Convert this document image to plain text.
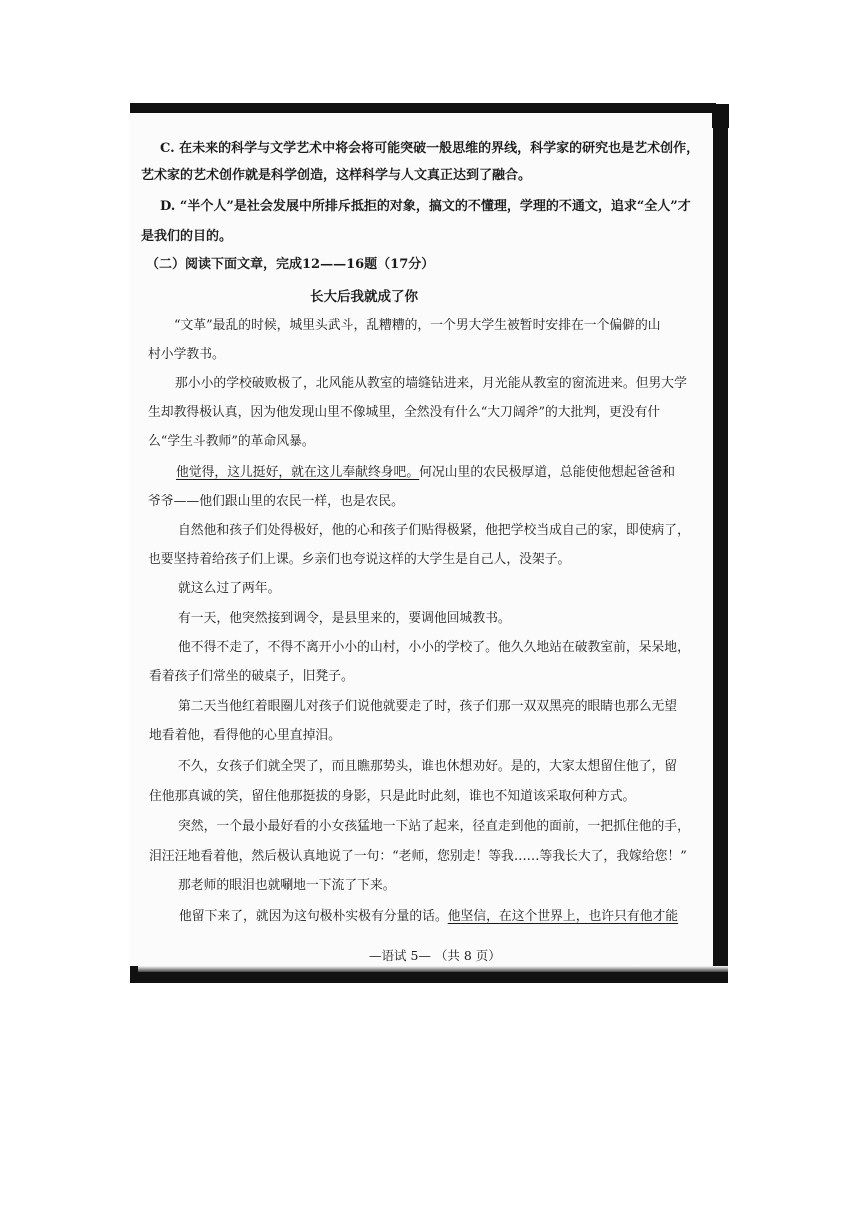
C. 在未来的科学与文学艺术中将会将可能突破一般思维的界线，科学家的研究也是艺术创作，
艺术家的艺术创作就是科学创造，这样科学与人文真正达到了融合。
D. “半个人”是社会发展中所排斥抵拒的对象，搞文的不懂理，学理的不通文，追求“全人”才
是我们的目的。
（二）阅读下面文章，完成12——16题（17分）
长大后我就成了你
“文革”最乱的时候，城里头武斗，乱糟糟的，一个男大学生被暂时安排在一个偏僻的山
村小学教书。
那小小的学校破败极了，北风能从教室的墙缝钻进来，月光能从教室的窗流进来。但男大学
生却教得极认真，因为他发现山里不像城里，全然没有什么“大刀阔斧”的大批判，更没有什
么“学生斗教师”的革命风暴。
他觉得，这儿挺好，就在这儿奉献终身吧。何况山里的农民极厚道，总能使他想起爸爸和
爷爷——他们跟山里的农民一样，也是农民。
自然他和孩子们处得极好，他的心和孩子们贴得极紧，他把学校当成自己的家，即使病了，
也要坚持着给孩子们上课。乡亲们也夸说这样的大学生是自己人，没架子。
就这么过了两年。
有一天，他突然接到调令，是县里来的，要调他回城教书。
他不得不走了，不得不离开小小的山村，小小的学校了。他久久地站在破教室前，呆呆地，
看着孩子们常坐的破桌子，旧凳子。
第二天当他红着眼圈儿对孩子们说他就要走了时，孩子们那一双双黑亮的眼睛也那么无望
地看着他，看得他的心里直掉泪。
不久，女孩子们就全哭了，而且瞧那势头，谁也休想劝好。是的，大家太想留住他了，留
住他那真诚的笑，留住他那挺拔的身影，只是此时此刻，谁也不知道该采取何种方式。
突然，一个最小最好看的小女孩猛地一下站了起来，径直走到他的面前，一把抓住他的手，
泪汪汪地看着他，然后极认真地说了一句：“老师，您别走！等我……等我长大了，我嫁给您！”
那老师的眼泪也就唰地一下流了下来。
他留下来了，就因为这句极朴实极有分量的话。他坚信，在这个世界上，也许只有他才能
—语试 5— （共 8 页）
